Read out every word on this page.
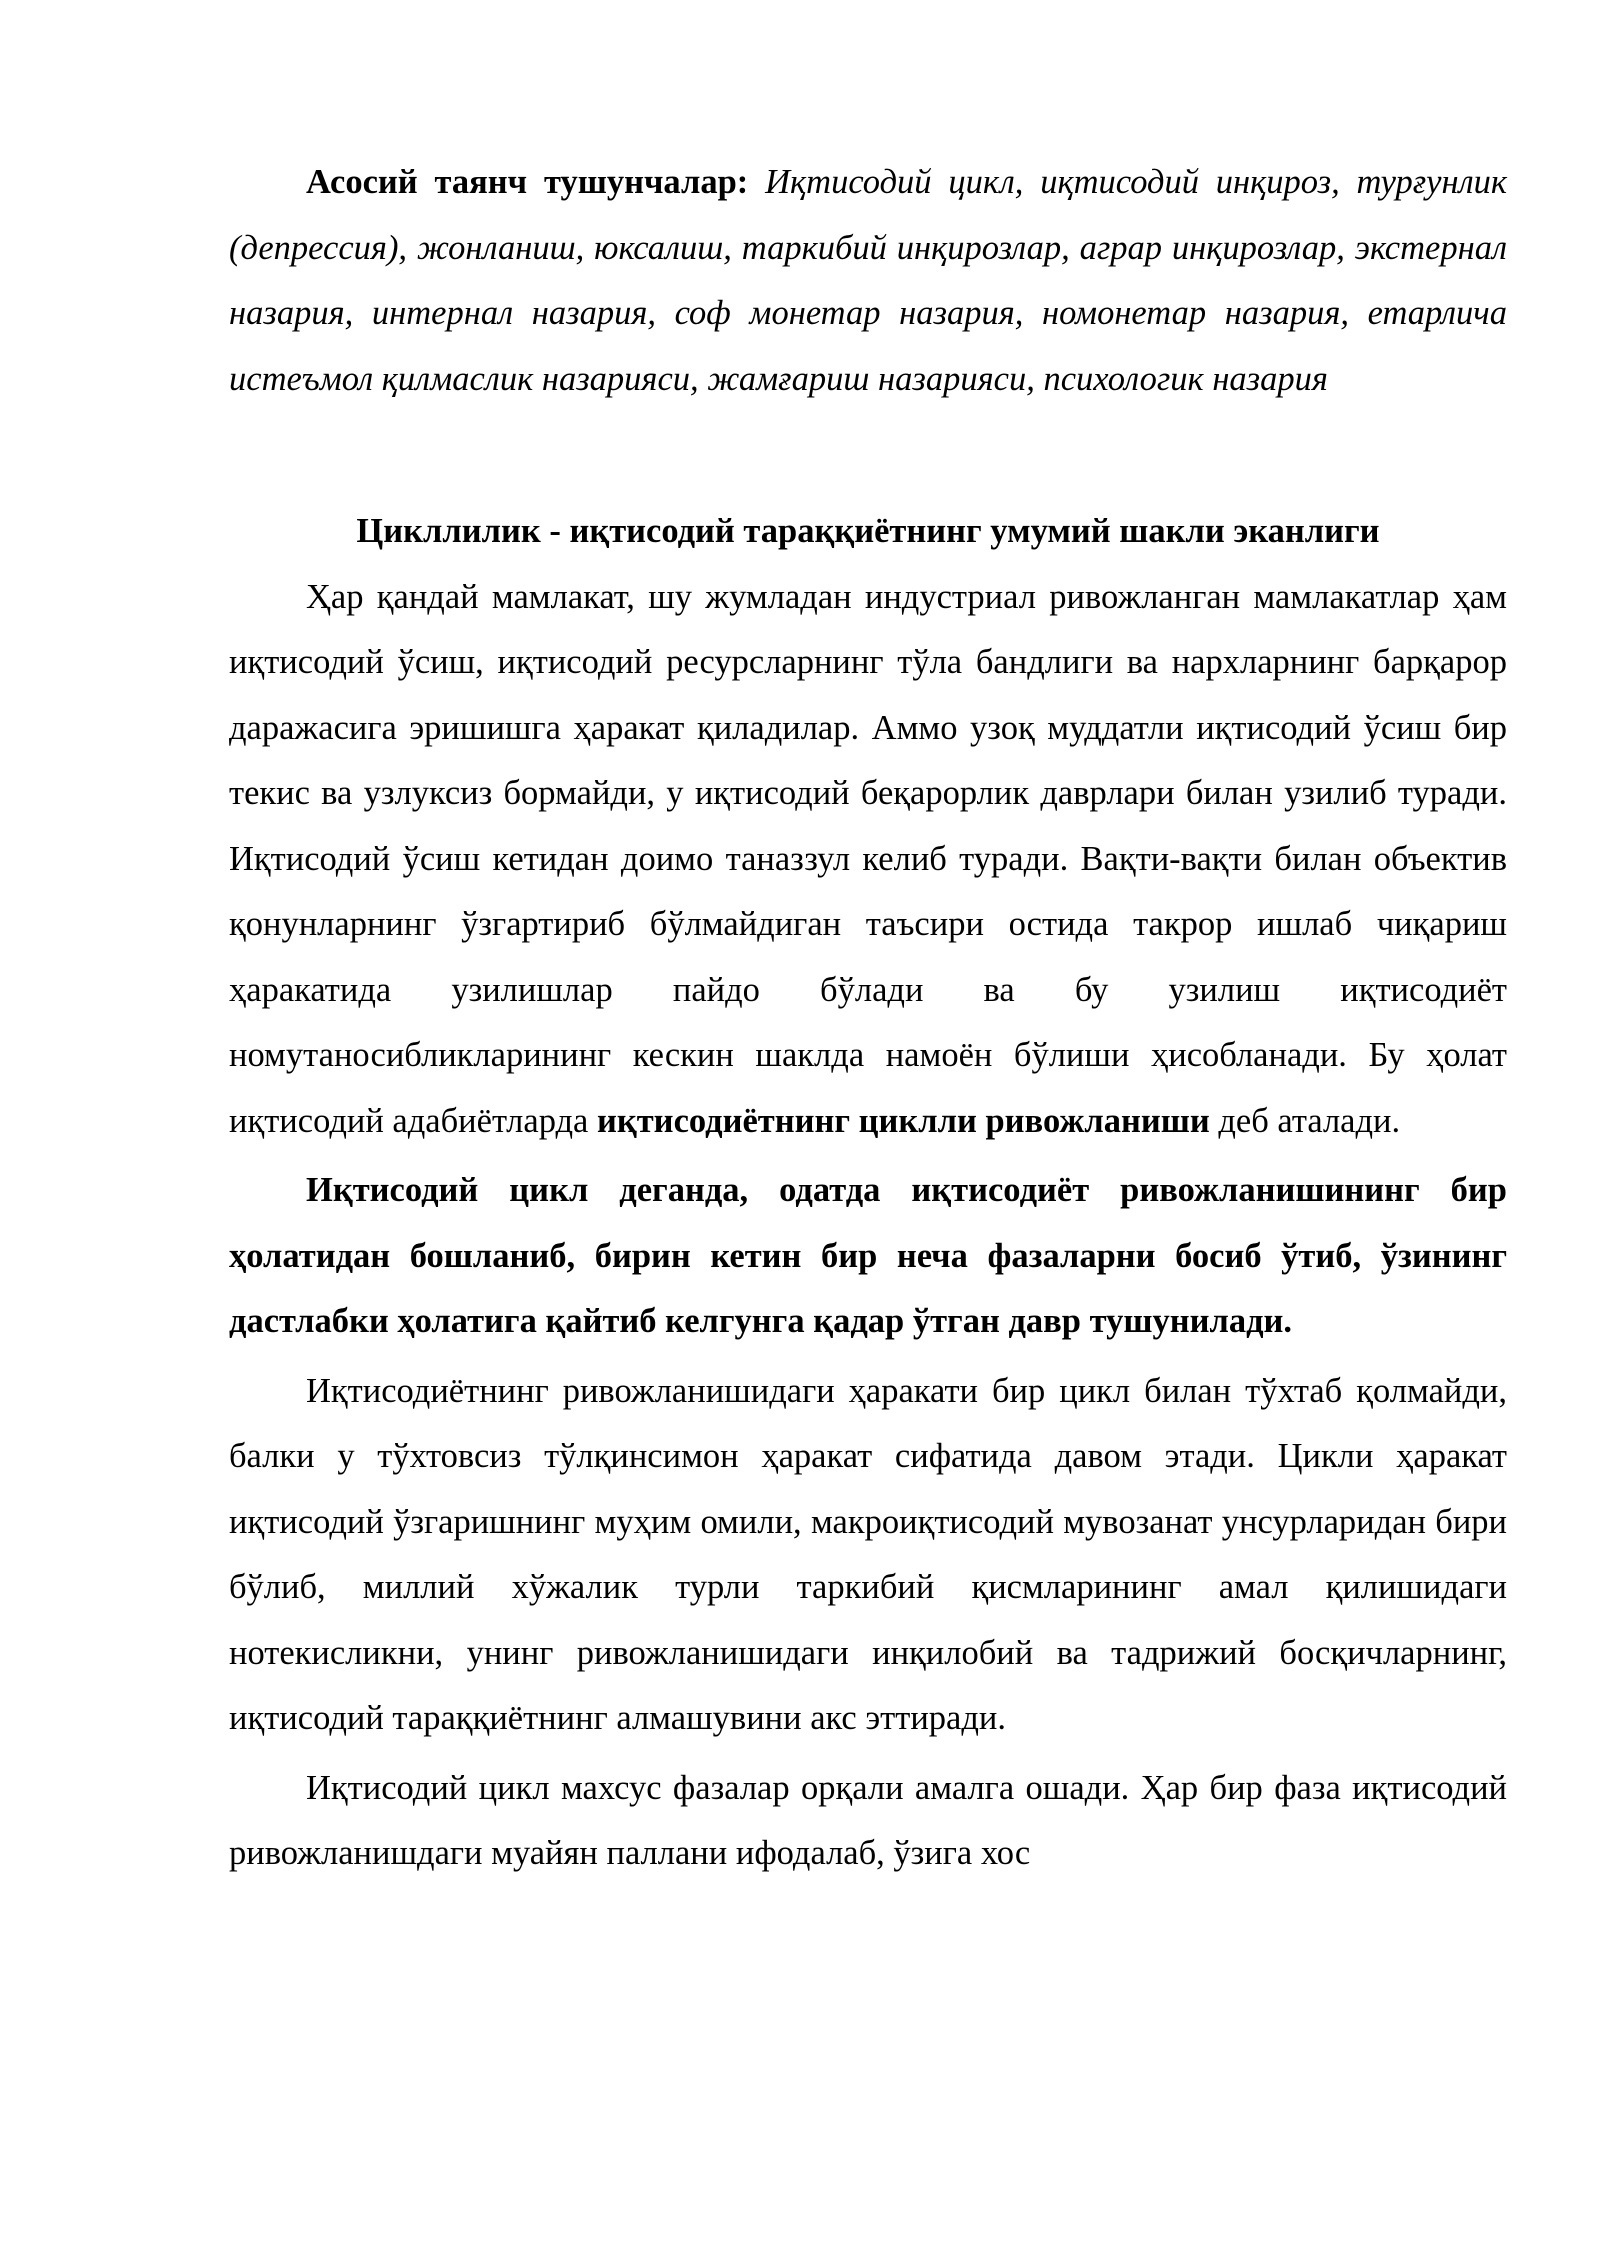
Асосий таянч тушунчалар: Иқтисодий цикл, иқтисодий инқироз, турғунлик (депрессия), жонланиш, юксалиш, таркибий инқирозлар, аграр инқирозлар, экстернал назария, интернал назария, соф монетар назария, номонетар назария, етарлича истеъмол қилмаслик назарияси, жамғариш назарияси, психологик назария

Цикллилик - иқтисодий тараққиётнинг умумий шакли эканлиги

Ҳар қандай мамлакат, шу жумладан индустриал ривожланган мамлакатлар ҳам иқтисодий ўсиш, иқтисодий ресурсларнинг тўла бандлиги ва нархларнинг барқарор даражасига эришишга ҳаракат қиладилар. Аммо узоқ муддатли иқтисодий ўсиш бир текис ва узлуксиз бормайди, у иқтисодий беқарорлик даврлари билан узилиб туради. Иқтисодий ўсиш кетидан доимо таназзул келиб туради. Вақти-вақти билан объектив қонунларнинг ўзгартириб бўлмайдиган таъсири остида такрор ишлаб чиқариш ҳаракатида узилишлар пайдо бўлади ва бу узилиш иқтисодиёт номутаносибликларининг кескин шаклда намоён бўлиши ҳисобланади. Бу ҳолат иқтисодий адабиётларда иқтисодиётнинг циклли ривожланиши деб аталади.

Иқтисодий цикл деганда, одатда иқтисодиёт ривожланишининг бир ҳолатидан бошланиб, бирин кетин бир неча фазаларни босиб ўтиб, ўзининг дастлабки ҳолатига қайтиб келгунга қадар ўтган давр тушунилади.

Иқтисодиётнинг ривожланишидаги ҳаракати бир цикл билан тўхтаб қолмайди, балки у тўхтовсиз тўлқинсимон ҳаракат сифатида давом этади. Цикли ҳаракат иқтисодий ўзгаришнинг муҳим омили, макроиқтисодий мувозанат унсурларидан бири бўлиб, миллий хўжалик турли таркибий қисмларининг амал қилишидаги нотекисликни, унинг ривожланишидаги инқилобий ва тадрижий босқичларнинг, иқтисодий тараққиётнинг алмашувини акс эттиради.

Иқтисодий цикл махсус фазалар орқали амалга ошади. Ҳар бир фаза иқтисодий ривожланишдаги муайян паллани ифодалаб, ўзига хос
